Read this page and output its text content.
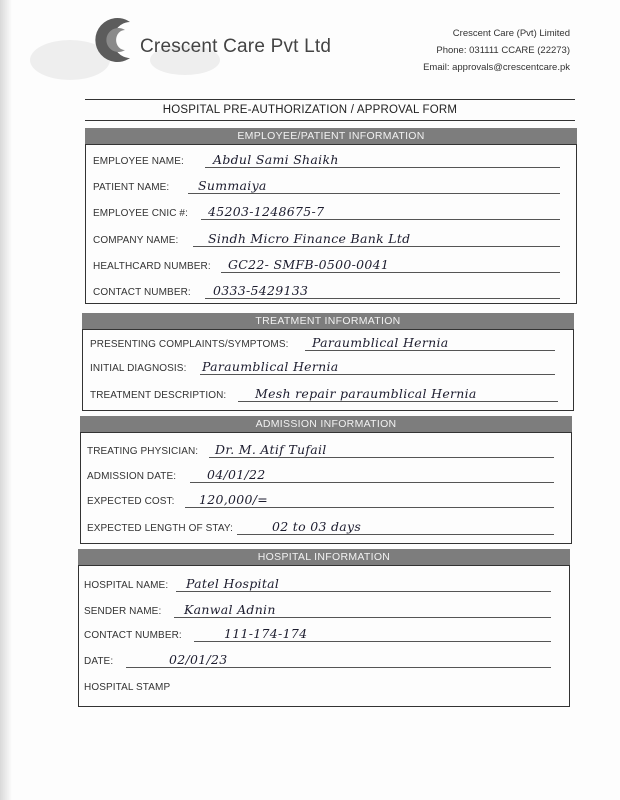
Crescent Care Pvt Ltd
Crescent Care (Pvt) Limited
Phone: 031111 CCARE (22273)
Email: approvals@crescentcare.pk
HOSPITAL PRE-AUTHORIZATION / APPROVAL FORM
EMPLOYEE/PATIENT INFORMATION
EMPLOYEE NAME: Abdul Sami Shaikh
PATIENT NAME: Summaiya
EMPLOYEE CNIC #: 45203-1248675-7
COMPANY NAME: Sindh Micro Finance Bank Ltd
HEALTHCARD NUMBER: GC22- SMFB-0500-0041
CONTACT NUMBER: 0333-5429133
TREATMENT INFORMATION
PRESENTING COMPLAINTS/SYMPTOMS: Paraumblical Hernia
INITIAL DIAGNOSIS: Paraumblical Hernia
TREATMENT DESCRIPTION: Mesh repair paraumblical Hernia
ADMISSION INFORMATION
TREATING PHYSICIAN: Dr. M. Atif Tufail
ADMISSION DATE: 04/01/22
EXPECTED COST: 120,000/=
EXPECTED LENGTH OF STAY:	02 to 03 days
HOSPITAL INFORMATION
HOSPITAL NAME: Patel Hospital
SENDER NAME: Kanwal Adnin
CONTACT NUMBER:	111-174-174
DATE:	02/01/23
HOSPITAL STAMP
